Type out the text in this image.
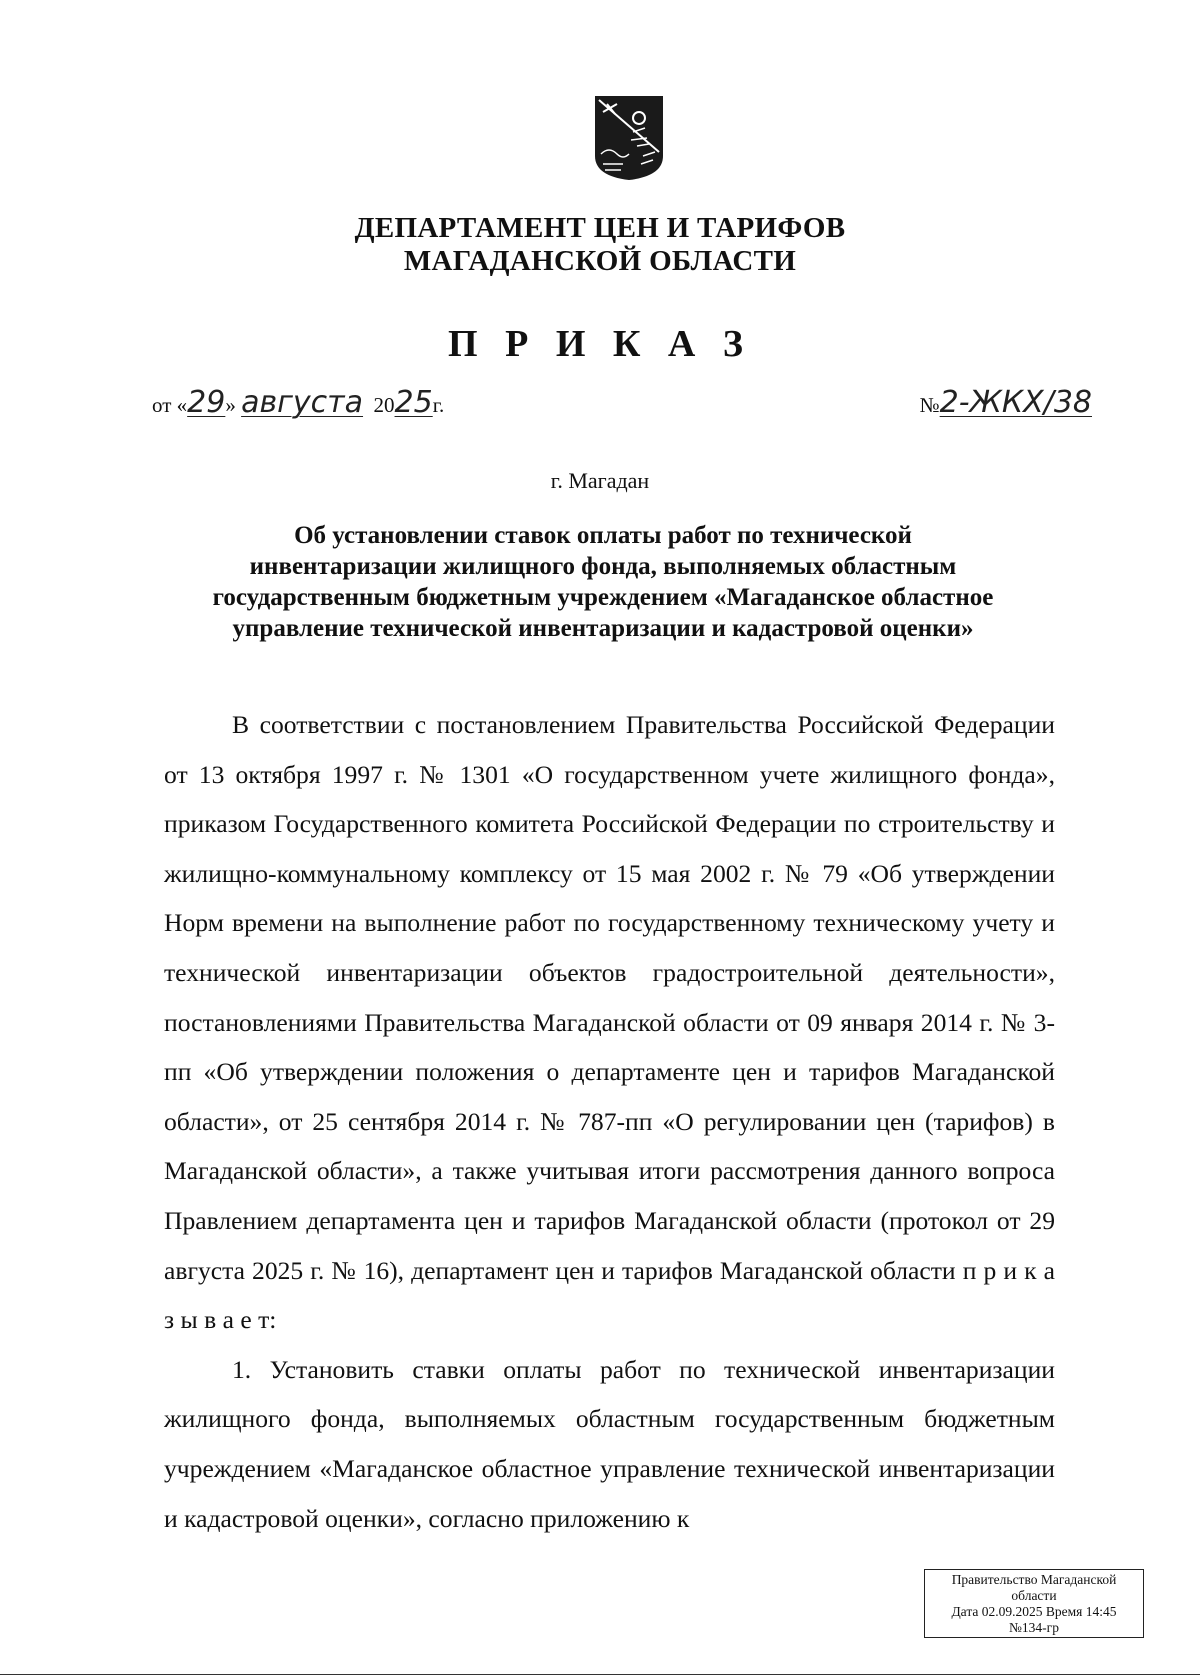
ДЕПАРТАМЕНТ ЦЕН И ТАРИФОВ
МАГАДАНСКОЙ ОБЛАСТИ
П Р И К А З
от «29» августа 2025г.	№2-ЖКХ/38
г. Магадан
Об установлении ставок оплаты работ по технической
инвентаризации жилищного фонда, выполняемых областным
государственным бюджетным учреждением «Магаданское областное
управление технической инвентаризации и кадастровой оценки»

В соответствии с постановлением Правительства Российской Федерации от 13 октября 1997 г. № 1301 «О государственном учете жилищного фонда», приказом Государственного комитета Российской Федерации по строительству и жилищно-коммунальному комплексу от 15 мая 2002 г. № 79 «Об утверждении Норм времени на выполнение работ по государственному техническому учету и технической инвентаризации объектов градостроительной деятельности», постановлениями Правительства Магаданской области от 09 января 2014 г. № 3-пп «Об утверждении положения о департаменте цен и тарифов Магаданской области», от 25 сентября 2014 г. № 787-пп «О регулировании цен (тарифов) в Магаданской области», а также учитывая итоги рассмотрения данного вопроса Правлением департамента цен и тарифов Магаданской области (протокол от 29 августа 2025 г. № 16), департамент цен и тарифов Магаданской области п р и к а з ы в а е т:

1. Установить ставки оплаты работ по технической инвентаризации жилищного фонда, выполняемых областным государственным бюджетным учреждением «Магаданское областное управление технической инвентаризации и кадастровой оценки», согласно приложению к

Правительство Магаданской
области
Дата 02.09.2025 Время 14:45
№134-гр
